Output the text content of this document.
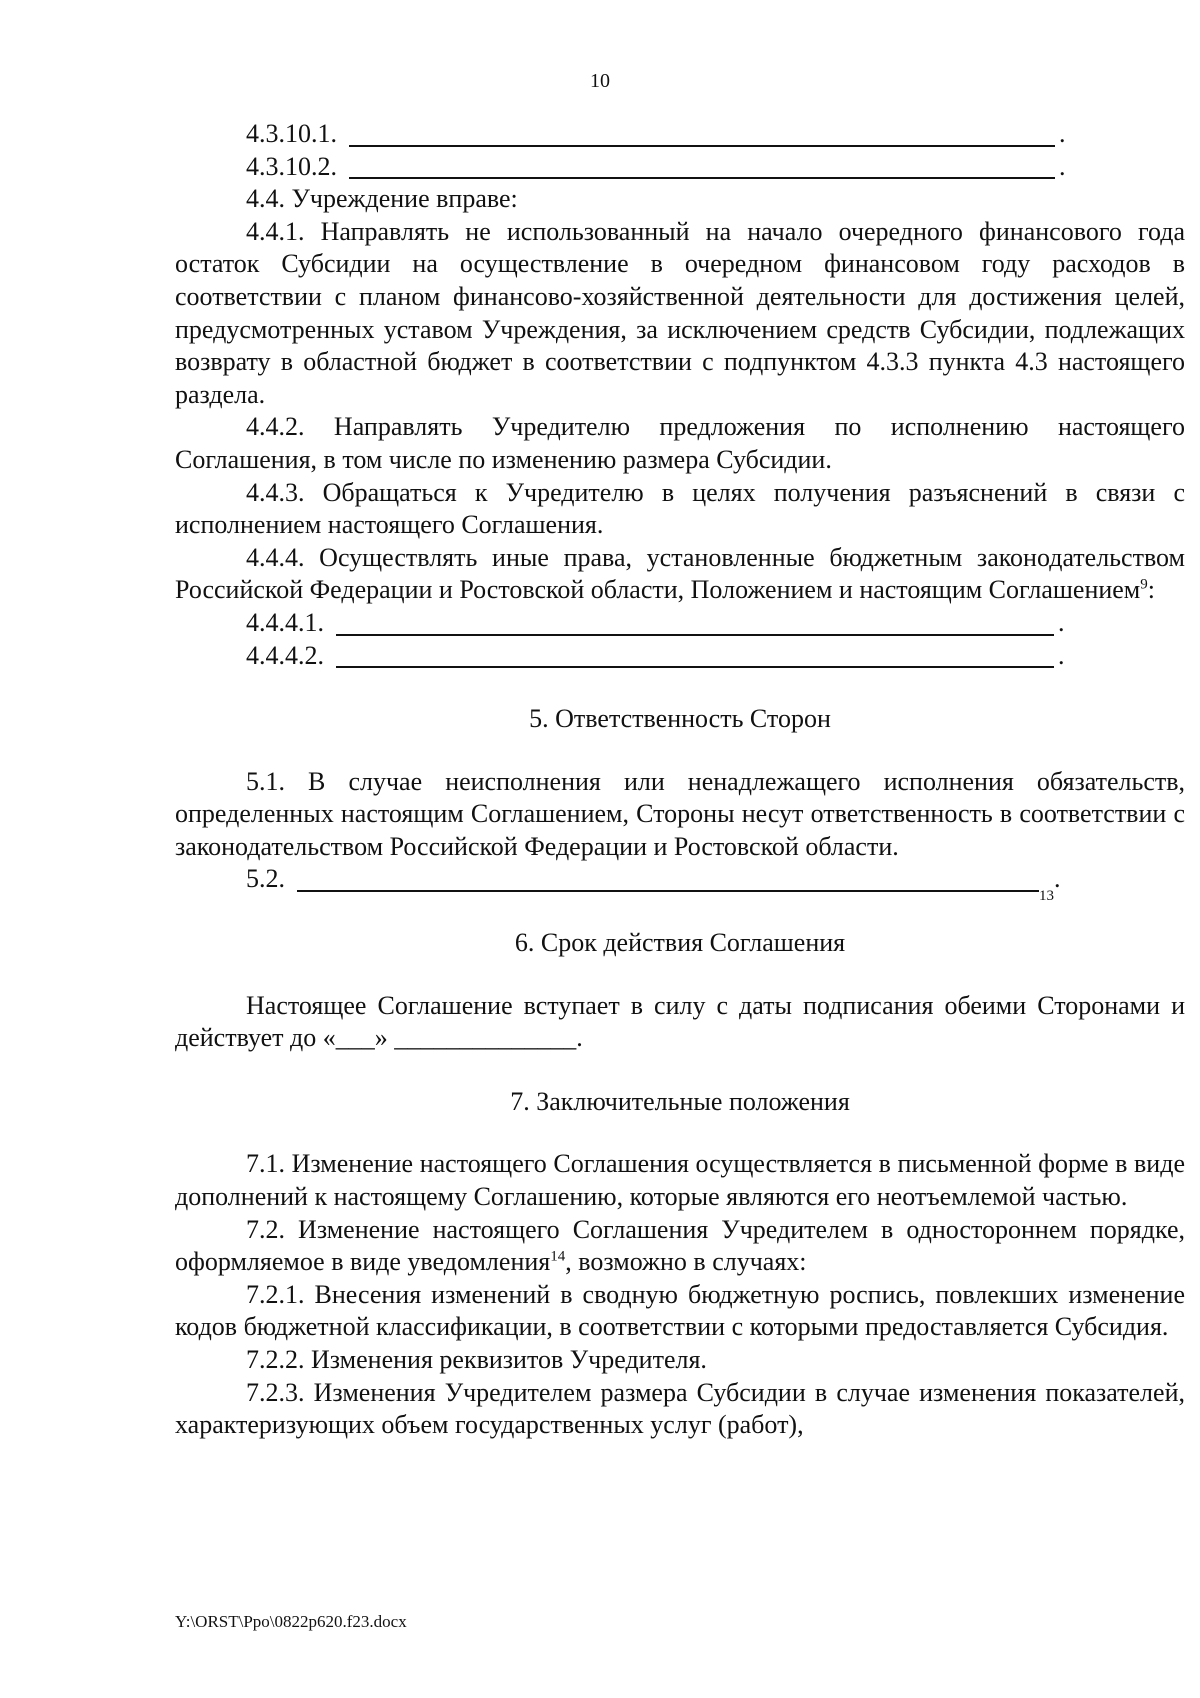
10
4.3.10.1.	.
4.3.10.2.	.

4.4. Учреждение вправе:

4.4.1. Направлять не использованный на начало очередного финансового года остаток Субсидии на осуществление в очередном финансовом году расходов в соответствии с планом финансово-хозяйственной деятельности для достижения целей, предусмотренных уставом Учреждения, за исключением средств Субсидии, подлежащих возврату в областной бюджет в соответствии с подпунктом 4.3.3 пункта 4.3 настоящего раздела.

4.4.2. Направлять Учредителю предложения по исполнению настоящего Соглашения, в том числе по изменению размера Субсидии.

4.4.3. Обращаться к Учредителю в целях получения разъяснений в связи с исполнением настоящего Соглашения.

4.4.4. Осуществлять иные права, установленные бюджетным законодательством Российской Федерации и Ростовской области, Положением и настоящим Соглашением$^9$:

4.4.4.1.	.
4.4.4.2.	.

5. Ответственность Сторон

5.1. В случае неисполнения или ненадлежащего исполнения обязательств, определенных настоящим Соглашением, Стороны несут ответственность в соответствии с законодательством Российской Федерации и Ростовской области.

5.2.
13
.

6. Срок действия Соглашения

Настоящее Соглашение вступает в силу с даты подписания обеими Сторонами и действует до «___» ______________.

7. Заключительные положения

7.1. Изменение настоящего Соглашения осуществляется в письменной форме в виде дополнений к настоящему Соглашению, которые являются его неотъемлемой частью.

7.2. Изменение настоящего Соглашения Учредителем в одностороннем порядке, оформляемое в виде уведомления$^{14}$, возможно в случаях:

7.2.1. Внесения изменений в сводную бюджетную роспись, повлекших изменение кодов бюджетной классификации, в соответствии с которыми предоставляется Субсидия.

7.2.2. Изменения реквизитов Учредителя.

7.2.3. Изменения Учредителем размера Субсидии в случае изменения показателей, характеризующих объем государственных услуг (работ),

Y:\ORST\Ppo\0822p620.f23.docx
